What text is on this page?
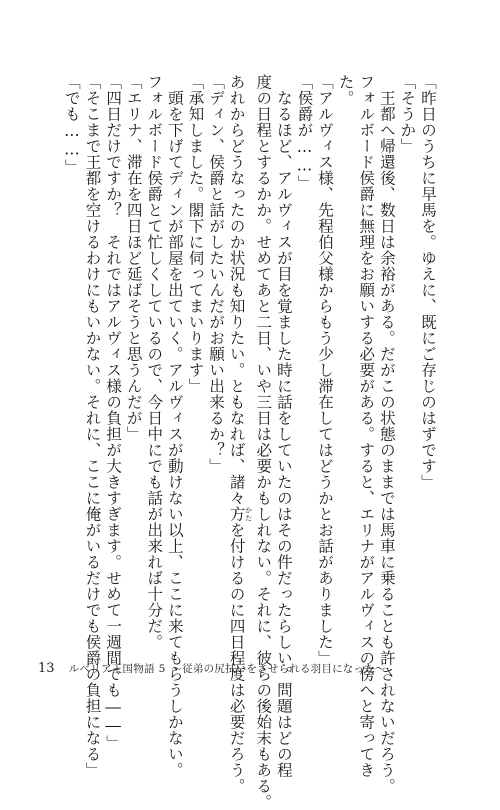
「昨日のうちに早馬を。ゆえに、既にご存じのはずです」

「そうか」

　王都へ帰還後、数日は余裕がある。だがこの状態のままでは馬車に乗ることも許されないだろう。

フォルボード侯爵に無理をお願いする必要がある。すると、エリナがアルヴィスの傍へと寄ってき

た。

「アルヴィス様、先程伯父様からもう少し滞在してはどうかとお話がありました」

「侯爵が……」

　なるほど、アルヴィスが目を覚ました時に話をしていたのはその件だったらしい。問題はどの程

度の日程とするかか。せめてあと二日、いや三日は必要かもしれない。それに、彼らの後始末もある。

あれからどうなったのか状況も知りたい。ともなれば、諸々方 かたを付けるのに四日程度は必要だろう。

「ディン、侯爵と話がしたいんだがお願い出来るか？」

「承知しました。閣下に伺ってまいります」

　頭を下げてディンが部屋を出ていく。アルヴィスが動けない以上、ここに来てもらうしかない。

フォルボード侯爵とて忙しくしているので、今日中にでも話が出来れば十分だ。

「エリナ、滞在を四日ほど延ばそうと思うんだが」

「四日だけですか？　それではアルヴィス様の負担が大きすぎます。せめて一週間でも――」

「そこまで王都を空けるわけにもいかない。それに、ここに俺がいるだけでも侯爵の負担になる」

「でも……」

13 ルベリア王国物語 5 ～従弟の尻拭いをさせられる羽目になった～
